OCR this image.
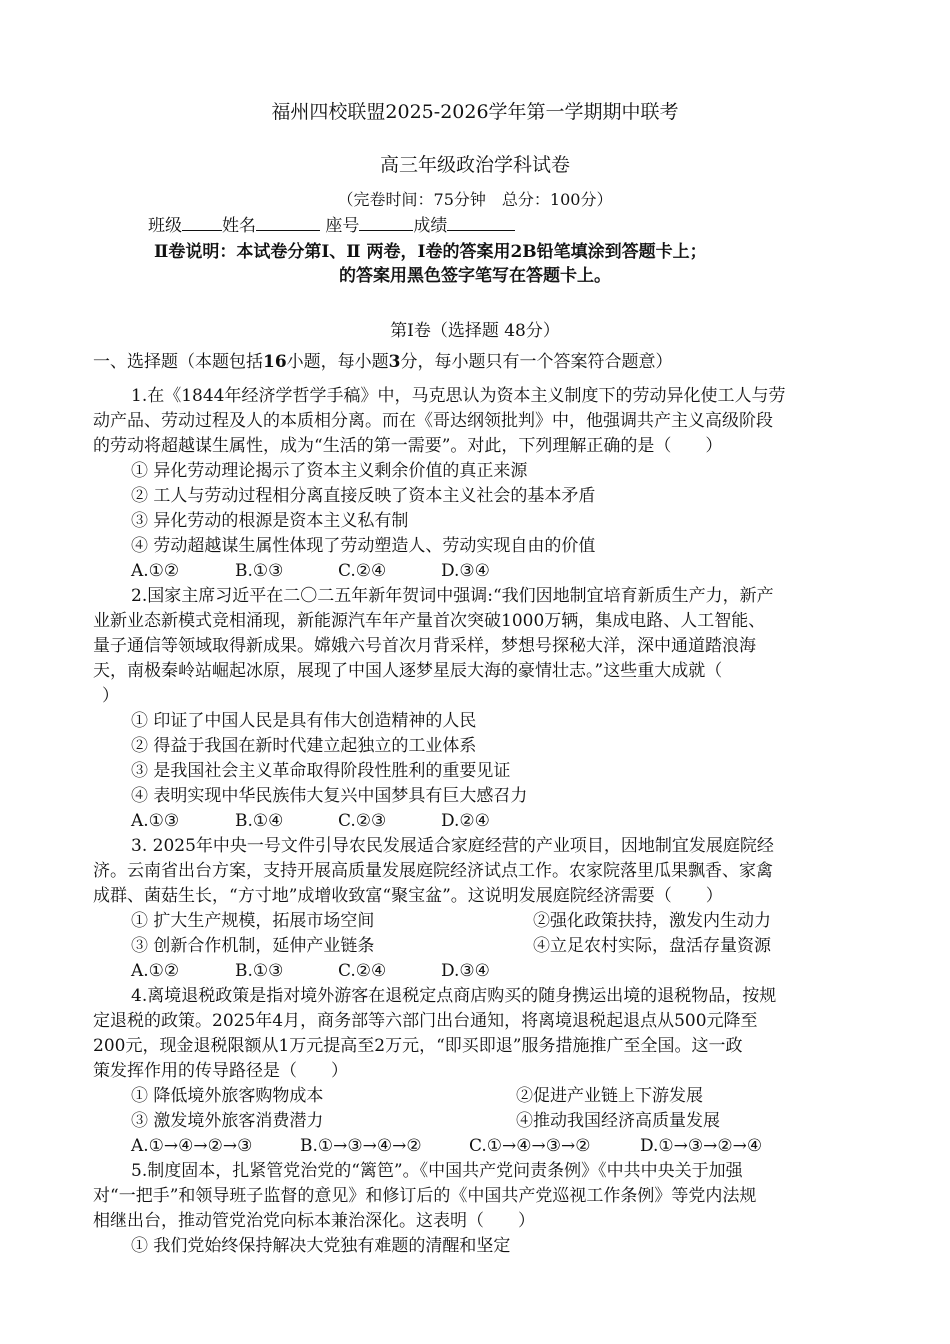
福州四校联盟2025-2026学年第一学期期中联考
高三年级政治学科试卷
（完卷时间：75分钟　总分：100分）
班级 姓名	座号	成绩
Ⅱ卷说明：本试卷分第Ⅰ、Ⅱ 两卷，Ⅰ卷的答案用2B铅笔填涂到答题卡上；
的答案用黑色签字笔写在答题卡上。
第Ⅰ卷（选择题 48分）
一、选择题（本题包括16小题，每小题3分，每小题只有一个答案符合题意）
1.在《1844年经济学哲学手稿》中，马克思认为资本主义制度下的劳动异化使工人与劳
动产品、劳动过程及人的本质相分离。而在《哥达纲领批判》中，他强调共产主义高级阶段
的劳动将超越谋生属性，成为“生活的第一需要”。对此，下列理解正确的是（　　）
① 异化劳动理论揭示了资本主义剩余价值的真正来源
② 工人与劳动过程相分离直接反映了资本主义社会的基本矛盾
③ 异化劳动的根源是资本主义私有制
④ 劳动超越谋生属性体现了劳动塑造人、劳动实现自由的价值
A.①②	B.①③	C.②④	D.③④
2.国家主席习近平在二〇二五年新年贺词中强调:“我们因地制宜培育新质生产力，新产
业新业态新模式竞相涌现，新能源汽车年产量首次突破1000万辆，集成电路、人工智能、
量子通信等领域取得新成果。嫦娥六号首次月背采样，梦想号探秘大洋，深中通道踏浪海
天，南极秦岭站崛起冰原，展现了中国人逐梦星辰大海的豪情壮志。”这些重大成就（
）
① 印证了中国人民是具有伟大创造精神的人民
② 得益于我国在新时代建立起独立的工业体系
③ 是我国社会主义革命取得阶段性胜利的重要见证
④ 表明实现中华民族伟大复兴中国梦具有巨大感召力
A.①③	B.①④	C.②③	D.②④
3. 2025年中央一号文件引导农民发展适合家庭经营的产业项目，因地制宜发展庭院经
济。云南省出台方案，支持开展高质量发展庭院经济试点工作。农家院落里瓜果飘香、家禽
成群、菌菇生长，“方寸地”成增收致富“聚宝盆”。这说明发展庭院经济需要（　　）
① 扩大生产规模，拓展市场空间	②强化政策扶持，激发内生动力
③ 创新合作机制，延伸产业链条	④立足农村实际，盘活存量资源
A.①②	B.①③	C.②④	D.③④
4.离境退税政策是指对境外游客在退税定点商店购买的随身携运出境的退税物品，按规
定退税的政策。2025年4月，商务部等六部门出台通知，将离境退税起退点从500元降至
200元，现金退税限额从1万元提高至2万元，“即买即退”服务措施推广至全国。这一政
策发挥作用的传导路径是（　　）
① 降低境外旅客购物成本	②促进产业链上下游发展
③ 激发境外旅客消费潜力	④推动我国经济高质量发展
A.①→④→②→③	B.①→③→④→②	C.①→④→③→②	D.①→③→②→④
5.制度固本，扎紧管党治党的“篱笆”。《中国共产党问责条例》《中共中央关于加强
对“一把手”和领导班子监督的意见》和修订后的《中国共产党巡视工作条例》等党内法规
相继出台，推动管党治党向标本兼治深化。这表明（　　）
① 我们党始终保持解决大党独有难题的清醒和坚定
